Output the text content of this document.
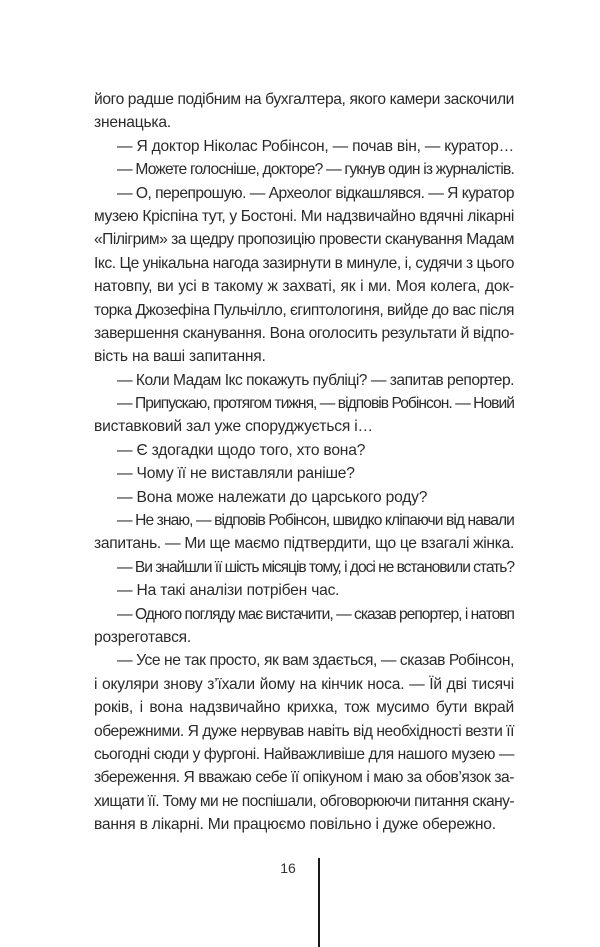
його радше подібним на бухгалтера, якого камери заскочили
зненацька.
— Я доктор Ніколас Робінсон, — почав він, — куратор…
— Можете голосніше, докторе? — гукнув один із журналістів.
— О, перепрошую. — Археолог відкашлявся. — Я куратор
музею Кріспіна тут, у Бостоні. Ми надзвичайно вдячні лікарні
«Пілігрим» за щедру пропозицію провести сканування Мадам
Ікс. Це унікальна нагода зазирнути в минуле, і, судячи з цього
натовпу, ви усі в такому ж захваті, як і ми. Моя колега, док-
торка Джозефіна Пульчілло, єгиптологиня, вийде до вас після
завершення сканування. Вона оголосить результати й відпо-
вість на ваші запитання.
— Коли Мадам Ікс покажуть публіці? — запитав репортер.
— Припускаю, протягом тижня, — відповів Робінсон. — Новий
виставковий зал уже споруджується і…
— Є здогадки щодо того, хто вона?
— Чому її не виставляли раніше?
— Вона може належати до царського роду?
— Не знаю, — відповів Робінсон, швидко кліпаючи від навали
запитань. — Ми ще маємо підтвердити, що це взагалі жінка.
— Ви знайшли її шість місяців тому, і досі не встановили стать?
— На такі аналізи потрібен час.
— Одного погляду має вистачити, — сказав репортер, і натовп
розреготався.
— Усе не так просто, як вам здається, — сказав Робінсон,
і окуляри знову з’їхали йому на кінчик носа. — Їй дві тисячі
років, і вона надзвичайно крихка, тож мусимо бути вкрай
обережними. Я дуже нервував навіть від необхідності везти її
сьогодні сюди у фургоні. Найважливіше для нашого музею —
збереження. Я вважаю себе її опікуном і маю за обов’язок за-
хищати її. Тому ми не поспішали, обговорюючи питання скану-
вання в лікарні. Ми працюємо повільно і дуже обережно.
16
